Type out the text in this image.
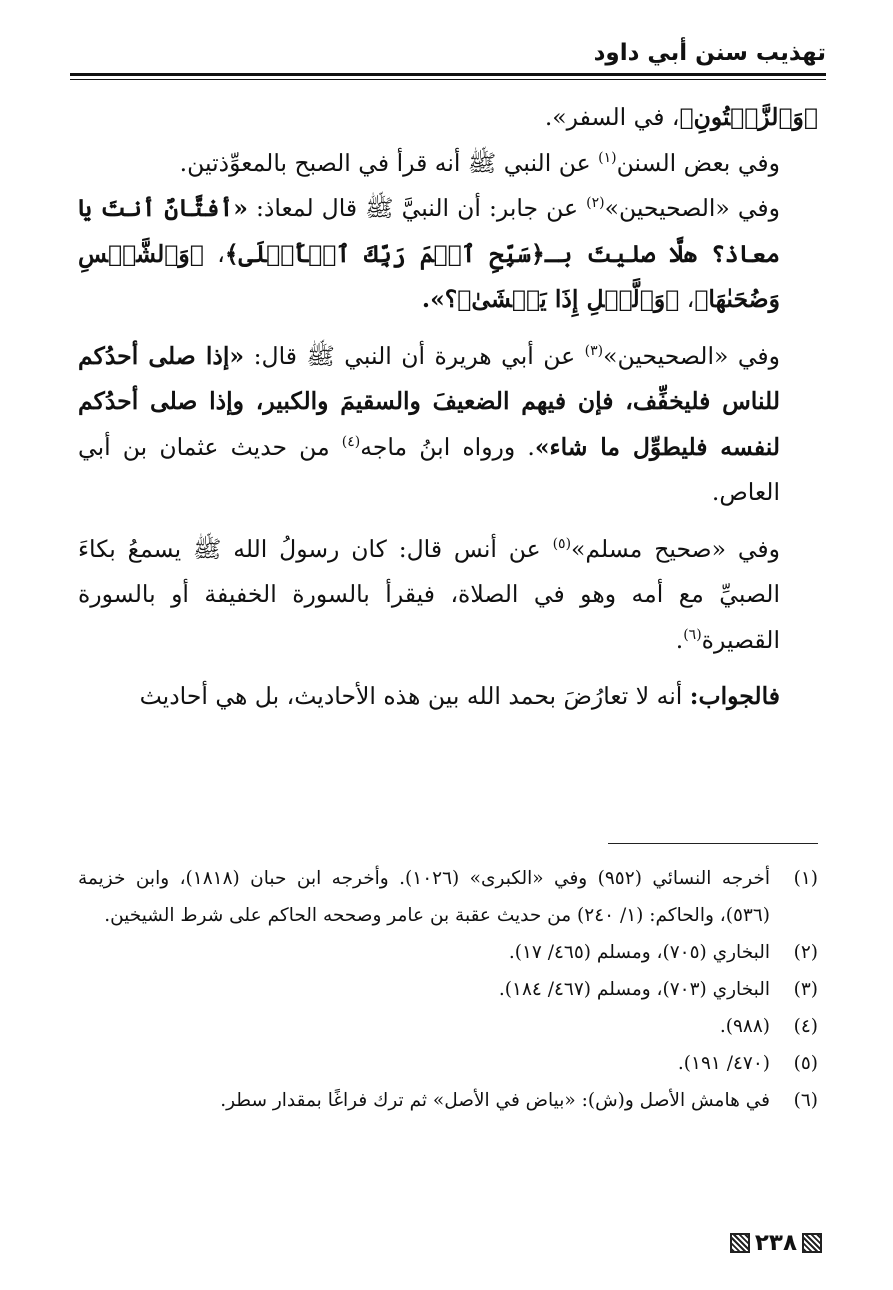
تهذيب سنن أبي داود

﴿وَٱلزَّيۡتُونِ﴾، في السفر».

وفي بعض السنن$^{(١)}$ عن النبي ﷺ أنه قرأ في الصبح بالمعوِّذتين.

وفي «الصحيحين»$^{(٢)}$ عن جابر: أن النبيَّ ﷺ قال لمعاذ: «أفتَّانٌ أنتَ يا معاذ؟ هلَّا صليتَ بـ﴿سَبِّحِ ٱسۡمَ رَبِّكَ ٱلۡأَعۡلَى﴾، ﴿وَٱلشَّمۡسِ وَضُحَىٰهَا﴾، ﴿وَٱلَّيۡلِ إِذَا يَغۡشَىٰ﴾؟».

وفي «الصحيحين»$^{(٣)}$ عن أبي هريرة أن النبي ﷺ قال: «إذا صلى أحدُكم للناس فليخفِّف، فإن فيهم الضعيفَ والسقيمَ والكبير، وإذا صلى أحدُكم لنفسه فليطوِّل ما شاء». ورواه ابنُ ماجه$^{(٤)}$ من حديث عثمان بن أبي العاص.

وفي «صحيح مسلم»$^{(٥)}$ عن أنس قال: كان رسولُ الله ﷺ يسمعُ بكاءَ الصبيِّ مع أمه وهو في الصلاة، فيقرأ بالسورة الخفيفة أو بالسورة القصيرة$^{(٦)}$.

فالجواب: أنه لا تعارُضَ بحمد الله بين هذه الأحاديث، بل هي أحاديث

(١)
أخرجه النسائي (٩٥٢) وفي «الكبرى» (١٠٢٦). وأخرجه ابن حبان (١٨١٨)، وابن خزيمة (٥٣٦)، والحاكم: (١/ ٢٤٠) من حديث عقبة بن عامر وصححه الحاكم على شرط الشيخين.
(٢)
البخاري (٧٠٥)، ومسلم (٤٦٥/ ١٧).
(٣)
البخاري (٧٠٣)، ومسلم (٤٦٧/ ١٨٤).
(٤)
(٩٨٨).
(٥)
(٤٧٠/ ١٩١).
(٦)
في هامش الأصل و(ش): «بياض في الأصل» ثم ترك فراغًا بمقدار سطر.
٢٣٨
